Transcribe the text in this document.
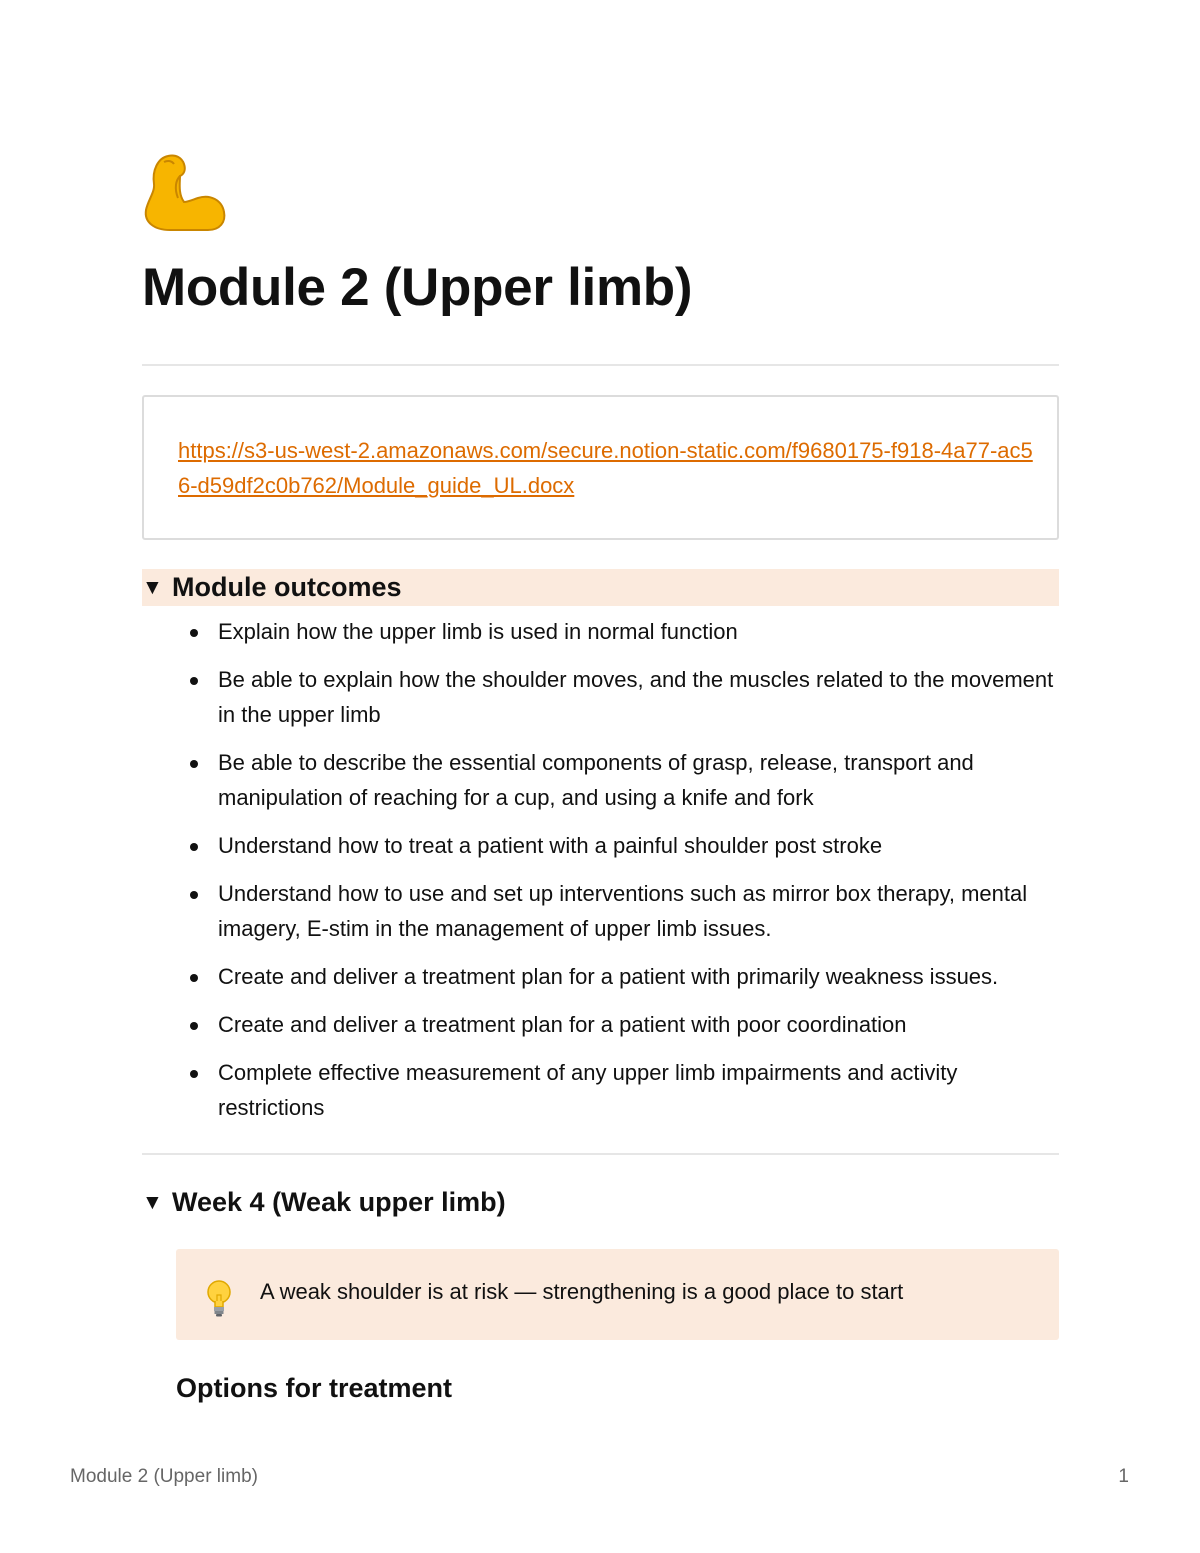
Module 2 (Upper limb)
https://s3-us-west-2.amazonaws.com/secure.notion-static.com/f9680175-f918-4a77-ac56-d59df2c0b762/Module_guide_UL.docx
▼ Module outcomes
Explain how the upper limb is used in normal function
Be able to explain how the shoulder moves, and the muscles related to the movement in the upper limb
Be able to describe the essential components of grasp, release, transport and manipulation of reaching for a cup, and using a knife and fork
Understand how to treat a patient with a painful shoulder post stroke
Understand how to use and set up interventions such as mirror box therapy, mental imagery, E-stim in the management of upper limb issues.
Create and deliver a treatment plan for a patient with primarily weakness issues.
Create and deliver a treatment plan for a patient with poor coordination
Complete effective measurement of any upper limb impairments and activity restrictions
▼ Week 4 (Weak upper limb)
A weak shoulder is at risk — strengthening is a good place to start
Options for treatment
Module 2 (Upper limb)	1
